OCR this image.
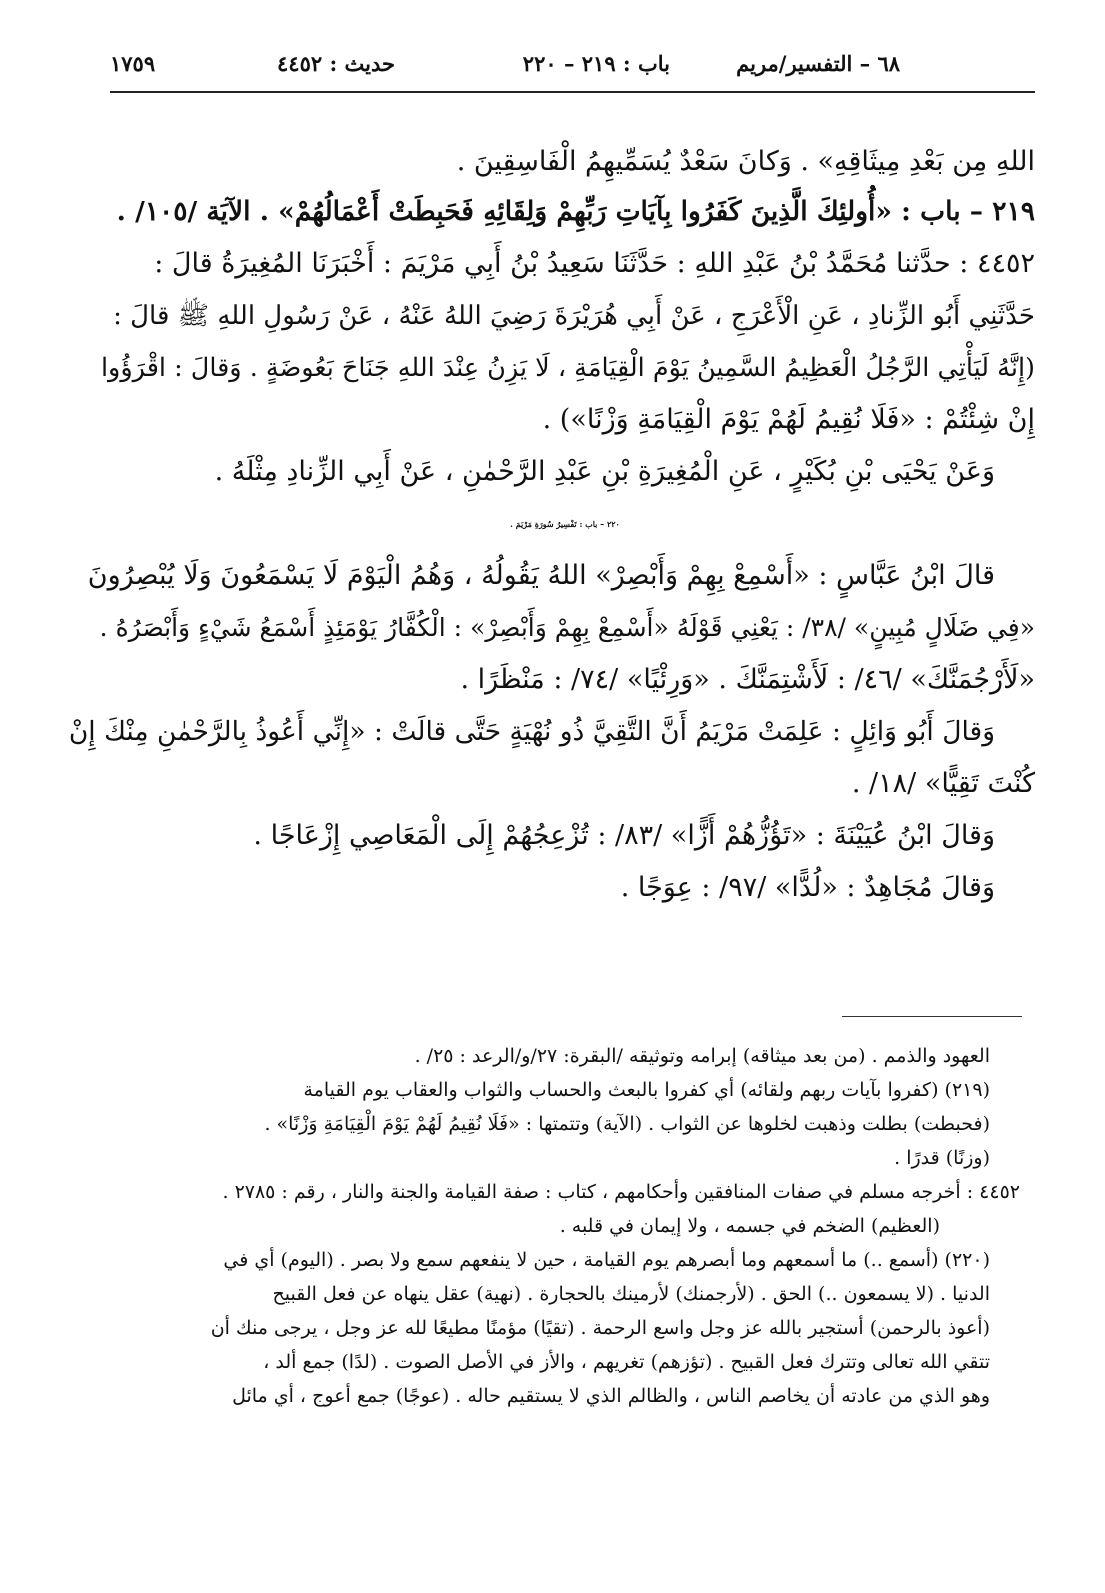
٦٨ – التفسير/مريم
باب : ٢١٩ – ٢٢٠
حديث : ٤٤٥٢
١٧٥٩
اللهِ مِن بَعْدِ مِيثَاقِهِ» . وَكانَ سَعْدٌ يُسَمِّيهِمُ الْفَاسِقِينَ .
٢١٩ – باب : «أُولئِكَ الَّذِينَ كَفَرُوا بِآيَاتِ رَبِّهِمْ وَلِقَائِهِ فَحَبِطَتْ أَعْمَالُهُمْ» . الآيَة /١٠٥/ .
٤٤٥٢ : حدَّثنا مُحَمَّدُ بْنُ عَبْدِ اللهِ : حَدَّثَنَا سَعِيدُ بْنُ أَبِي مَرْيَمَ : أَخْبَرَنَا المُغِيرَةُ قالَ :
حَدَّثَنِي أَبُو الزِّنادِ ، عَنِ الْأَعْرَجِ ، عَنْ أَبِي هُرَيْرَةَ رَضِيَ اللهُ عَنْهُ ، عَنْ رَسُولِ اللهِ ﷺ قالَ :
(إِنَّهُ لَيَأْتِي الرَّجُلُ الْعَظِيمُ السَّمِينُ يَوْمَ الْقِيَامَةِ ، لَا يَزِنُ عِنْدَ اللهِ جَنَاحَ بَعُوضَةٍ . وَقالَ : اقْرَؤُوا
إِنْ شِئْتُمْ : «فَلَا نُقِيمُ لَهُمْ يَوْمَ الْقِيَامَةِ وَزْنًا») .
وَعَنْ يَحْيَى بْنِ بُكَيْرٍ ، عَنِ الْمُغِيرَةِ بْنِ عَبْدِ الرَّحْمٰنِ ، عَنْ أَبِي الزِّنادِ مِثْلَهُ .
٢٢٠ – باب : تَفْسِيرُ سُورَةِ مَرْيَمَ .
قالَ ابْنُ عَبَّاسٍ : «أَسْمِعْ بِهِمْ وَأَبْصِرْ» اللهُ يَقُولُهُ ، وَهُمُ الْيَوْمَ لَا يَسْمَعُونَ وَلَا يُبْصِرُونَ
«فِي ضَلَالٍ مُبِينٍ» /٣٨/ : يَعْنِي قَوْلَهُ «أَسْمِعْ بِهِمْ وَأَبْصِرْ» : الْكُفَّارُ يَوْمَئِذٍ أَسْمَعُ شَيْءٍ وَأَبْصَرُهُ .
«لَأَرْجُمَنَّكَ» /٤٦/ : لَأَشْتِمَنَّكَ . «وَرِئْيًا» /٧٤/ : مَنْظَرًا .
وَقالَ أَبُو وَائِلٍ : عَلِمَتْ مَرْيَمُ أَنَّ التَّقِيَّ ذُو نُهْيَةٍ حَتَّى قالَتْ : «إِنِّي أَعُوذُ بِالرَّحْمٰنِ مِنْكَ إِنْ
كُنْتَ تَقِيًّا» /١٨/ .
وَقالَ ابْنُ عُيَيْنَةَ : «تَؤُزُّهُمْ أَزًّا» /٨٣/ : تُزْعِجُهُمْ إِلَى الْمَعَاصِي إِزْعَاجًا .
وَقالَ مُجَاهِدٌ : «لُدًّا» /٩٧/ : عِوَجًا .
العهود والذمم . (من بعد ميثاقه) إبرامه وتوثيقه /البقرة: ٢٧/و/الرعد : ٢٥/ .
(٢١٩) (كفروا بآيات ربهم ولقائه) أي كفروا بالبعث والحساب والثواب والعقاب يوم القيامة
(فحبطت) بطلت وذهبت لخلوها عن الثواب . (الآية) وتتمتها : «فَلَا نُقِيمُ لَهُمْ يَوْمَ الْقِيَامَةِ وَزْنًا» .
(وزنًا) قدرًا .
٤٤٥٢ : أخرجه مسلم في صفات المنافقين وأحكامهم ، كتاب : صفة القيامة والجنة والنار ، رقم : ٢٧٨٥ .
(العظيم) الضخم في جسمه ، ولا إيمان في قلبه .
(٢٢٠) (أسمع ..) ما أسمعهم وما أبصرهم يوم القيامة ، حين لا ينفعهم سمع ولا بصر . (اليوم) أي في
الدنيا . (لا يسمعون ..) الحق . (لأرجمنك) لأرمينك بالحجارة . (نهية) عقل ينهاه عن فعل القبيح
(أعوذ بالرحمن) أستجير بالله عز وجل واسع الرحمة . (تقيًا) مؤمنًا مطيعًا لله عز وجل ، يرجى منك أن
تتقي الله تعالى وتترك فعل القبيح . (تؤزهم) تغريهم ، والأز في الأصل الصوت . (لدًا) جمع ألد ،
وهو الذي من عادته أن يخاصم الناس ، والظالم الذي لا يستقيم حاله . (عوجًا) جمع أعوج ، أي مائل
